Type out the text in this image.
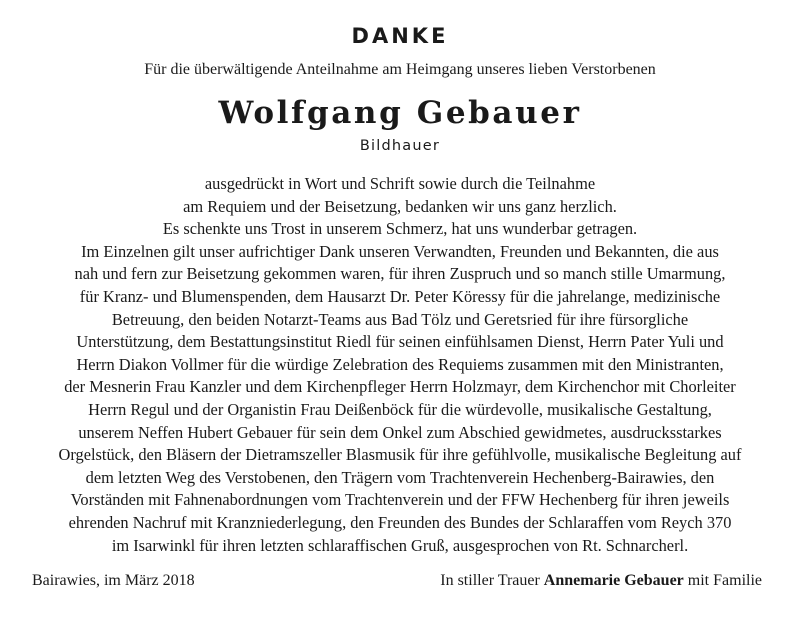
DANKE
Für die überwältigende Anteilnahme am Heimgang unseres lieben Verstorbenen
Wolfgang Gebauer
Bildhauer
ausgedrückt in Wort und Schrift sowie durch die Teilnahme
am Requiem und der Beisetzung, bedanken wir uns ganz herzlich.
Es schenkte uns Trost in unserem Schmerz, hat uns wunderbar getragen.
Im Einzelnen gilt unser aufrichtiger Dank unseren Verwandten, Freunden und Bekannten, die aus
nah und fern zur Beisetzung gekommen waren, für ihren Zuspruch und so manch stille Umarmung,
für Kranz- und Blumenspenden, dem Hausarzt Dr. Peter Köressy für die jahrelange, medizinische
Betreuung, den beiden Notarzt-Teams aus Bad Tölz und Geretsried für ihre fürsorgliche
Unterstützung, dem Bestattungsinstitut Riedl für seinen einfühlsamen Dienst, Herrn Pater Yuli und
Herrn Diakon Vollmer für die würdige Zelebration des Requiems zusammen mit den Ministranten,
der Mesnerin Frau Kanzler und dem Kirchenpfleger Herrn Holzmayr, dem Kirchenchor mit Chorleiter
Herrn Regul und der Organistin Frau Deißenböck für die würdevolle, musikalische Gestaltung,
unserem Neffen Hubert Gebauer für sein dem Onkel zum Abschied gewidmetes, ausdrucksstarkes
Orgelstück, den Bläsern der Dietramszeller Blasmusik für ihre gefühlvolle, musikalische Begleitung auf
dem letzten Weg des Verstobenen, den Trägern vom Trachtenverein Hechenberg-Bairawies, den
Vorständen mit Fahnenabordnungen vom Trachtenverein und der FFW Hechenberg für ihren jeweils
ehrenden Nachruf mit Kranzniederlegung, den Freunden des Bundes der Schlaraffen vom Reych 370
im Isarwinkl für ihren letzten schlaraffischen Gruß, ausgesprochen von Rt. Schnarcherl.
Bairawies, im März 2018	In stiller Trauer Annemarie Gebauer mit Familie
